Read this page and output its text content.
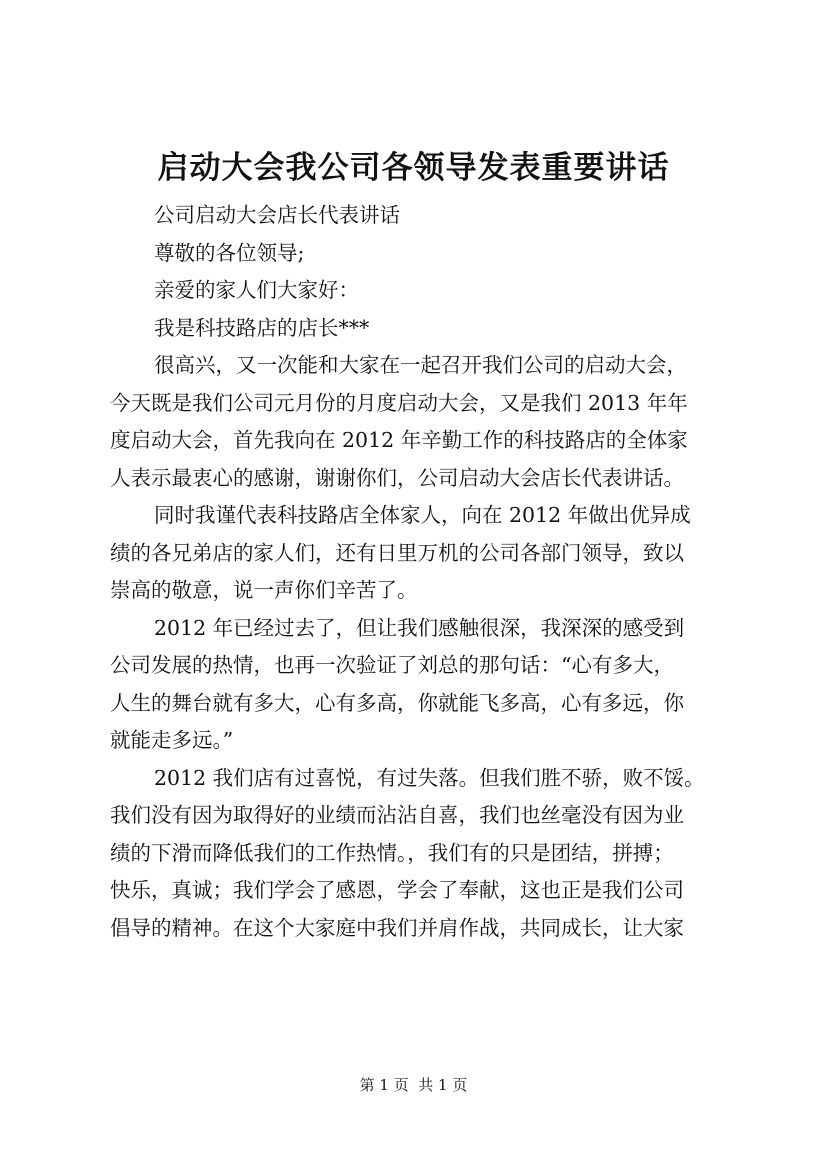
启动大会我公司各领导发表重要讲话

公司启动大会店长代表讲话

尊敬的各位领导;

亲爱的家人们大家好：

我是科技路店的店长***

很高兴，又一次能和大家在一起召开我们公司的启动大会，

今天既是我们公司元月份的月度启动大会，又是我们 2013 年年

度启动大会，首先我向在 2012 年辛勤工作的科技路店的全体家

人表示最衷心的感谢，谢谢你们，公司启动大会店长代表讲话。

同时我谨代表科技路店全体家人，向在 2012 年做出优异成

绩的各兄弟店的家人们，还有日里万机的公司各部门领导，致以

崇高的敬意，说一声你们辛苦了。

2012 年已经过去了，但让我们感触很深，我深深的感受到

公司发展的热情，也再一次验证了刘总的那句话：“心有多大，

人生的舞台就有多大，心有多高，你就能飞多高，心有多远，你

就能走多远。”

2012 我们店有过喜悦，有过失落。但我们胜不骄，败不馁。

我们没有因为取得好的业绩而沾沾自喜，我们也丝毫没有因为业

绩的下滑而降低我们的工作热情。，我们有的只是团结，拼搏；

快乐，真诚；我们学会了感恩，学会了奉献，这也正是我们公司

倡导的精神。在这个大家庭中我们并肩作战，共同成长，让大家

第 1 页  共 1 页
